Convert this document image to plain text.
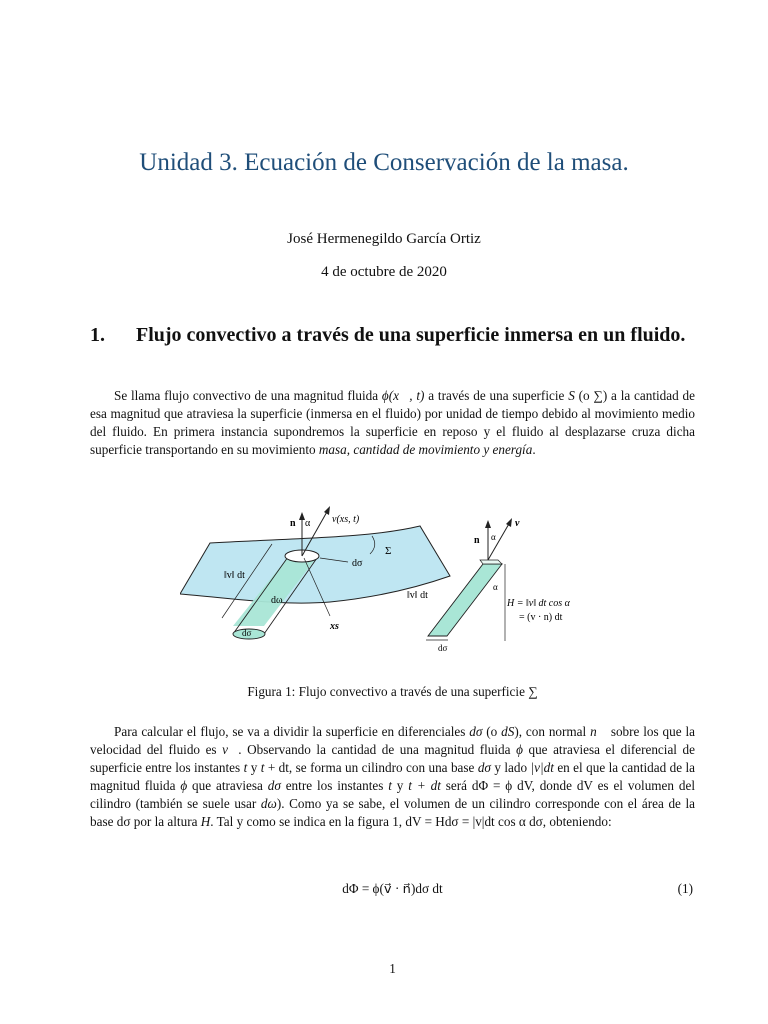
Unidad 3. Ecuación de Conservación de la masa.
José Hermenegildo García Ortiz
4 de octubre de 2020
1.	Flujo convectivo a través de una superficie inmersa en un fluido.

Se llama flujo convectivo de una magnitud fluida ϕ(x⃗, t) a través de una superficie S (o ∑) a la cantidad de esa magnitud que atraviesa la superficie (inmersa en el fluido) por unidad de tiempo debido al movimiento medio del fluido. En primera instancia supondremos la superficie en reposo y el fluido al desplazarse cruza dicha superficie transportando en su movimiento masa, cantidad de movimiento y energía.

n α v(xs, t)
Σ
dσ
‖v‖ dt
dω
dσ
xs
v
n α
α
‖v‖ dt
H = ‖v‖ dt cos α
= (v · n) dt
dσ
Figura 1: Flujo convectivo a través de una superficie ∑

Para calcular el flujo, se va a dividir la superficie en diferenciales dσ (o dS), con normal n⃗ sobre los que la velocidad del fluido es v⃗. Observando la cantidad de una magnitud fluida ϕ que atraviesa el diferencial de superficie entre los instantes t y t + dt, se forma un cilindro con una base dσ y lado |v|dt en el que la cantidad de la magnitud fluida ϕ que atraviesa dσ entre los instantes t y t + dt será dΦ = ϕ dV, donde dV es el volumen del cilindro (también se suele usar dω). Como ya se sabe, el volumen de un cilindro corresponde con el área de la base dσ por la altura H. Tal y como se indica en la figura 1, dV = Hdσ = |v|dt cos α dσ, obteniendo:

dΦ = ϕ(v⃗ · n⃗)dσ dt	(1)
1
